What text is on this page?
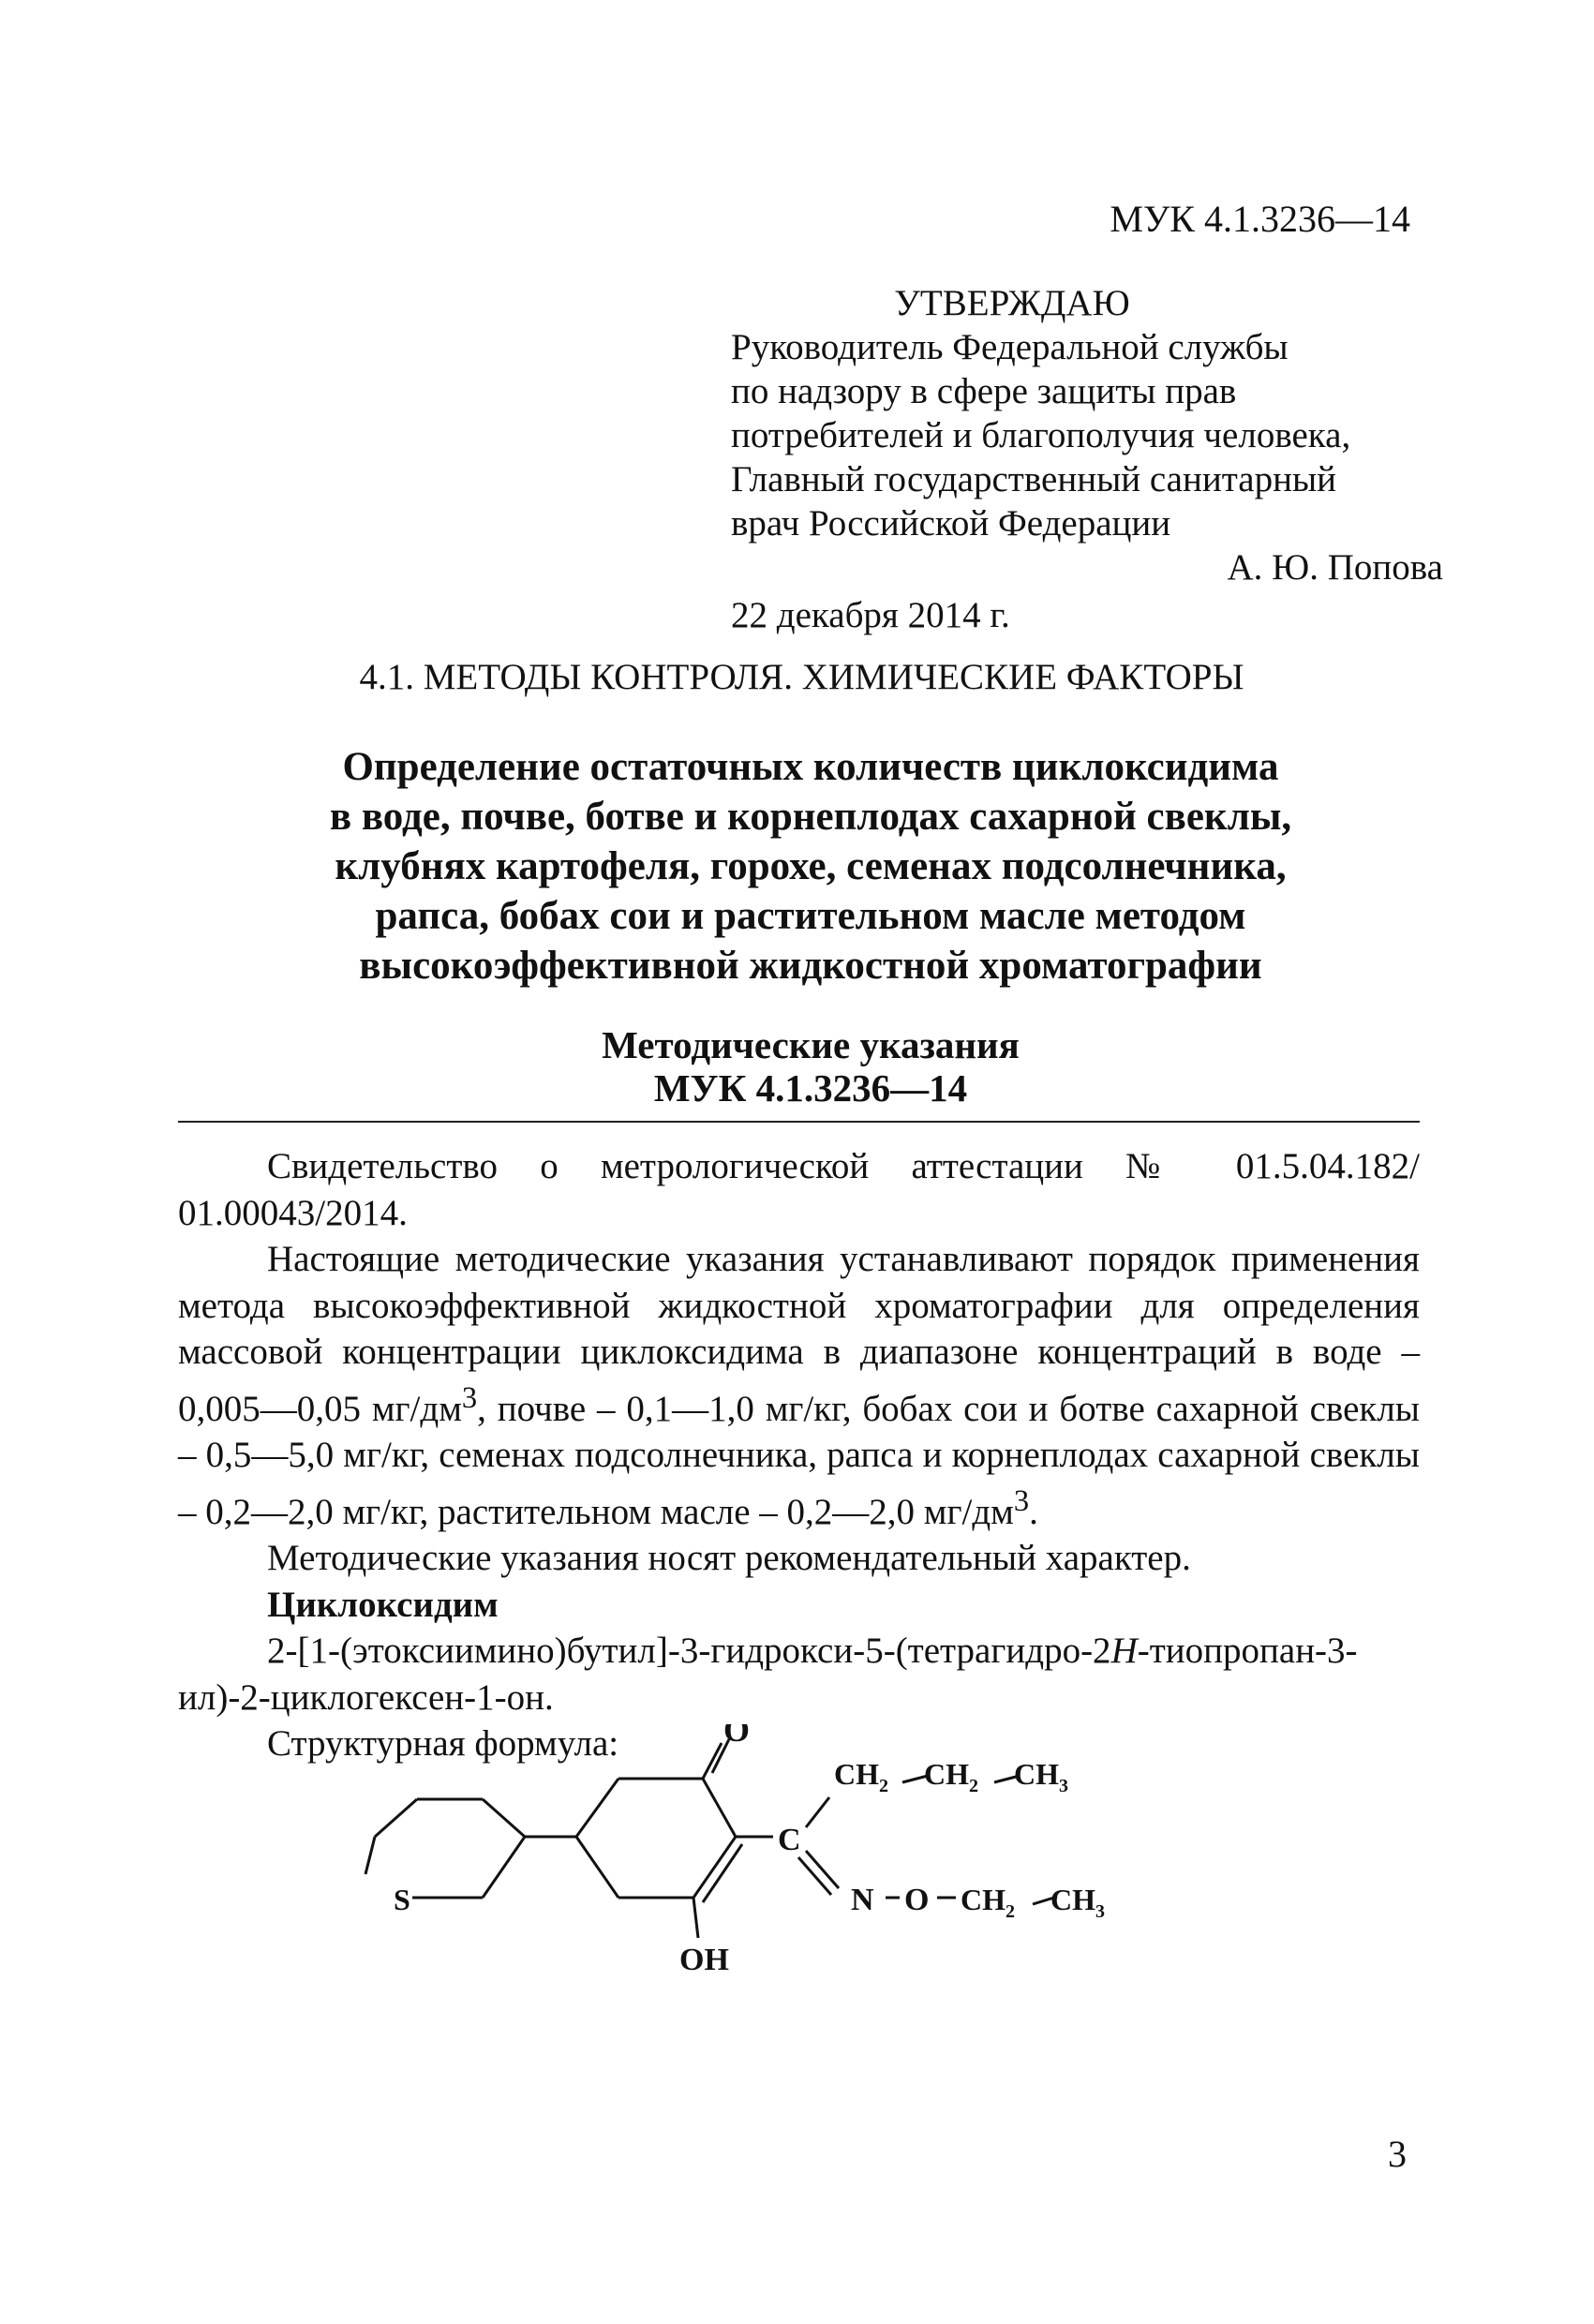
МУК 4.1.3236—14
УТВЕРЖДАЮ
Руководитель Федеральной службы
по надзору в сфере защиты прав
потребителей и благополучия человека,
Главный государственный санитарный
врач Российской Федерации
А. Ю. Попова
22 декабря 2014 г.
4.1. МЕТОДЫ КОНТРОЛЯ. ХИМИЧЕСКИЕ ФАКТОРЫ
Определение остаточных количеств циклоксидима
в воде, почве, ботве и корнеплодах сахарной свеклы,
клубнях картофеля, горохе, семенах подсолнечника,
рапса, бобах сои и растительном масле методом
высокоэффективной жидкостной хроматографии
Методические указания
МУК 4.1.3236—14

Свидетельство о метрологической аттестации № 01.5.04.182/

01.00043/2014.

Настоящие методические указания устанавливают порядок применения метода высокоэффективной жидкостной хроматографии для определения массовой концентрации циклоксидима в диапазоне концентраций в воде – 0,005—0,05 $мг/дм^3$, почве – 0,1—1,0 мг/кг, бобах сои и ботве сахарной свеклы – 0,5—5,0 мг/кг, семенах подсолнечника, рапса и корнеплодах сахарной свеклы – 0,2—2,0 мг/кг, растительном масле – 0,2—2,0 $мг/дм^3$.

Методические указания носят рекомендательный характер.

Циклоксидим

2-[1-(этоксиимино)бутил]-3-гидрокси-5-(тетрагидро-2H-тиопропан-3-ил)-2-циклогексен-1-он.

Структурная формула:	O
OH
S
C
$CH_2$ $CH_2$ $CH_3$
N O $CH_2$ $CH_3$
3
